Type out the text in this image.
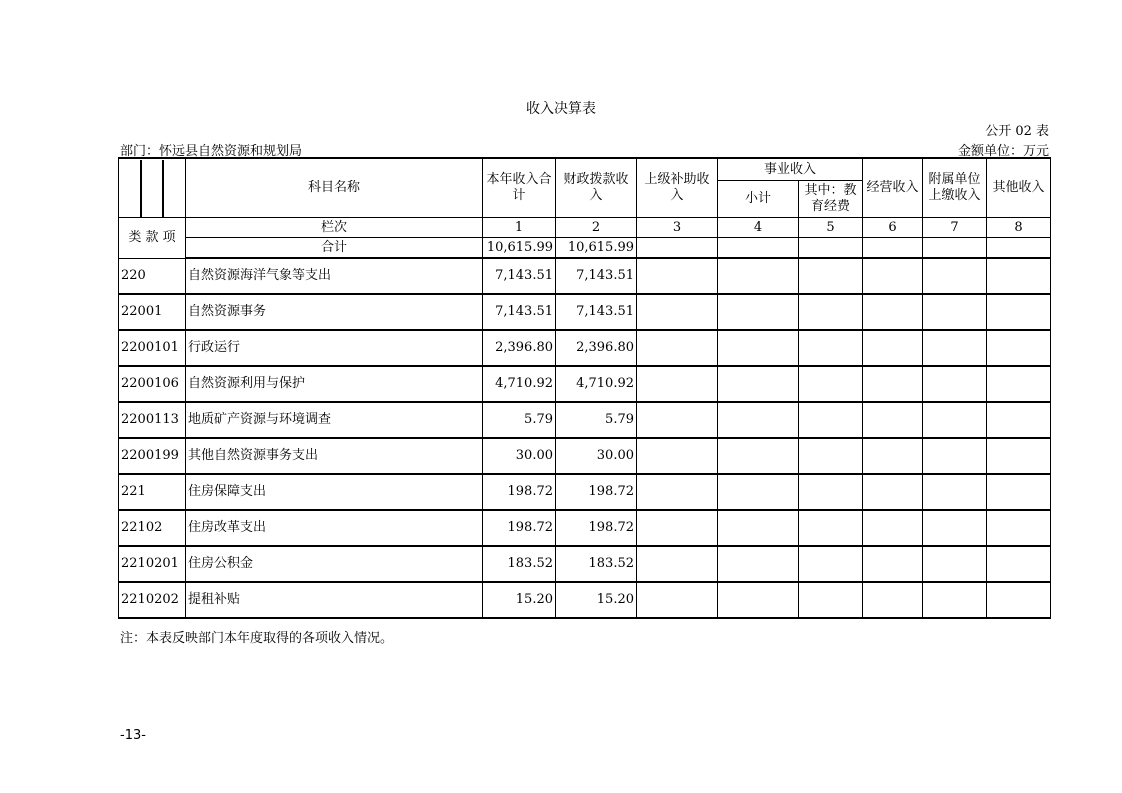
收入决算表
公开 02 表
部门：怀远县自然资源和规划局	金额单位：万元
	科目名称	本年收入合计	财政拨款收入	上级补助收入	事业收入		经营收入	附属单位上缴收入	其他收入
					小计	其中：教育经费			
类 款 项	栏次	1	2	3	4	5	6	7	8
	合计	10,615.99	10,615.99						
220	自然资源海洋气象等支出	7,143.51	7,143.51						
22001	自然资源事务	7,143.51	7,143.51						
2200101	行政运行	2,396.80	2,396.80						
2200106	自然资源利用与保护	4,710.92	4,710.92						
2200113	地质矿产资源与环境调查	5.79	5.79						
2200199	其他自然资源事务支出	30.00	30.00						
221	住房保障支出	198.72	198.72						
22102	住房改革支出	198.72	198.72						
2210201	住房公积金	183.52	183.52						
2210202	提租补贴	15.20	15.20						
注：本表反映部门本年度取得的各项收入情况。
-13-
